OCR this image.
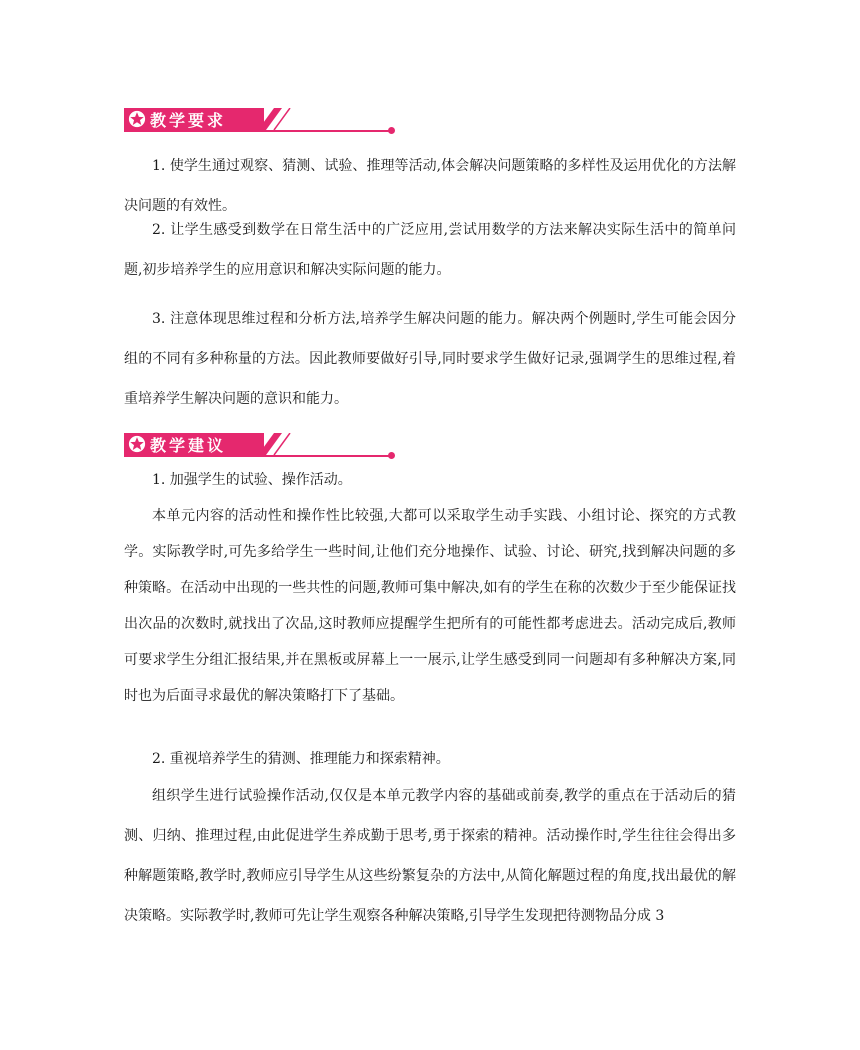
教学要求

1. 使学生通过观察、猜测、试验、推理等活动,体会解决问题策略的多样性及运用优化的方法解决问题的有效性。

2. 让学生感受到数学在日常生活中的广泛应用,尝试用数学的方法来解决实际生活中的简单问题,初步培养学生的应用意识和解决实际问题的能力。

3. 注意体现思维过程和分析方法,培养学生解决问题的能力。解决两个例题时,学生可能会因分组的不同有多种称量的方法。因此教师要做好引导,同时要求学生做好记录,强调学生的思维过程,着重培养学生解决问题的意识和能力。

教学建议

1. 加强学生的试验、操作活动。

本单元内容的活动性和操作性比较强,大都可以采取学生动手实践、小组讨论、探究的方式教学。实际教学时,可先多给学生一些时间,让他们充分地操作、试验、讨论、研究,找到解决问题的多种策略。在活动中出现的一些共性的问题,教师可集中解决,如有的学生在称的次数少于至少能保证找出次品的次数时,就找出了次品,这时教师应提醒学生把所有的可能性都考虑进去。活动完成后,教师可要求学生分组汇报结果,并在黑板或屏幕上一一展示,让学生感受到同一问题却有多种解决方案,同时也为后面寻求最优的解决策略打下了基础。

2. 重视培养学生的猜测、推理能力和探索精神。

组织学生进行试验操作活动,仅仅是本单元教学内容的基础或前奏,教学的重点在于活动后的猜测、归纳、推理过程,由此促进学生养成勤于思考,勇于探索的精神。活动操作时,学生往往会得出多种解题策略,教学时,教师应引导学生从这些纷繁复杂的方法中,从简化解题过程的角度,找出最优的解决策略。实际教学时,教师可先让学生观察各种解决策略,引导学生发现把待测物品分成 3
